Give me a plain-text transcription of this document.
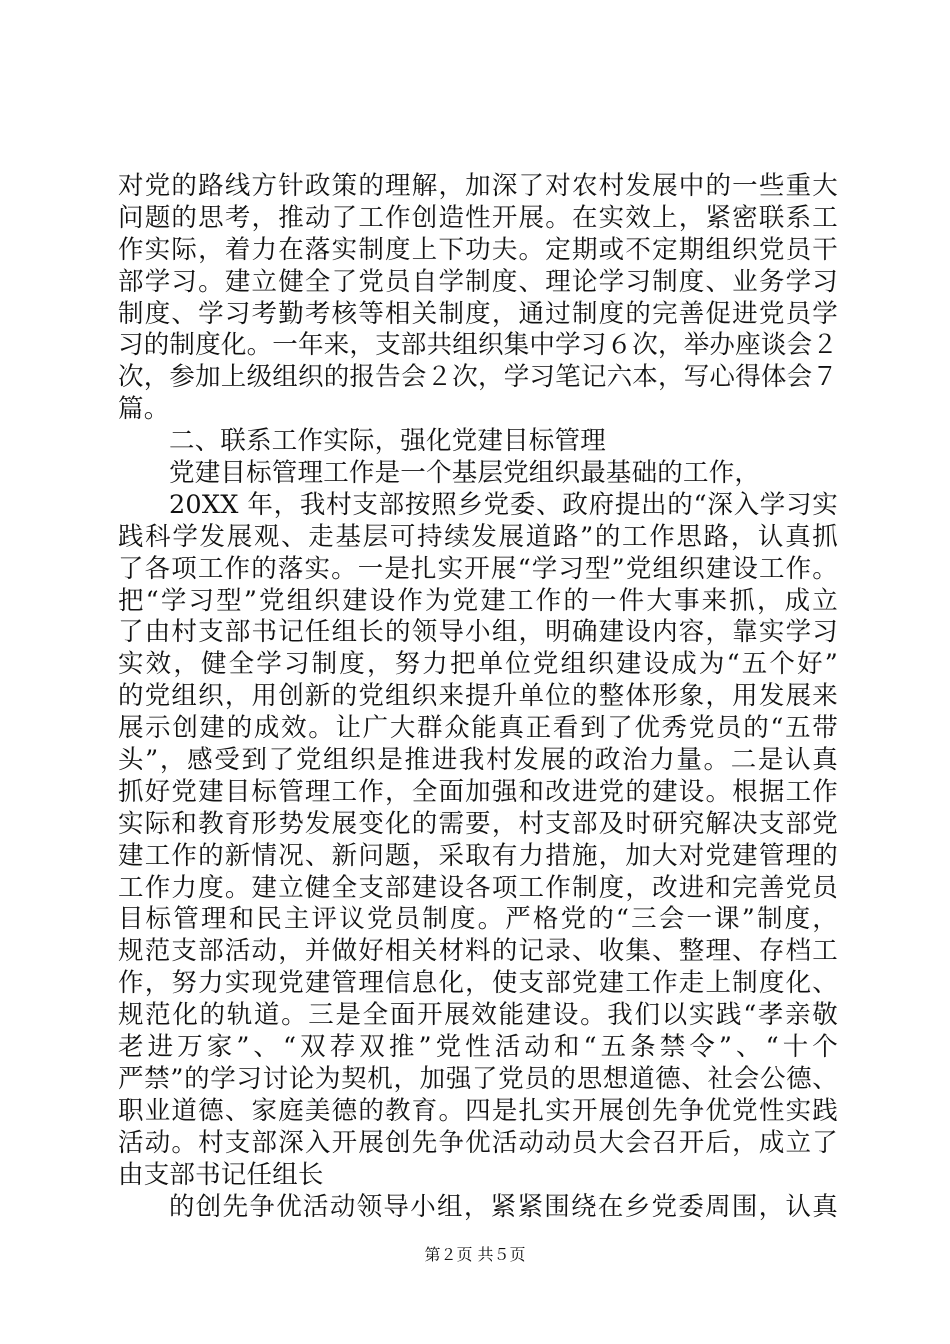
对党的路线方针政策的理解，加深了对农村发展中的一些重大
问题的思考，推动了工作创造性开展。在实效上，紧密联系工
作实际，着力在落实制度上下功夫。定期或不定期组织党员干
部学习。建立健全了党员自学制度、理论学习制度、业务学习
制度、学习考勤考核等相关制度，通过制度的完善促进党员学
习的制度化。一年来，支部共组织集中学习６次，举办座谈会２
次，参加上级组织的报告会２次，学习笔记六本，写心得体会７
篇。
二、联系工作实际，强化党建目标管理
党建目标管理工作是一个基层党组织最基础的工作，
20XX 年，我村支部按照乡党委、政府提出的“深入学习实
践科学发展观、走基层可持续发展道路”的工作思路，认真抓
了各项工作的落实。一是扎实开展“学习型”党组织建设工作。
把“学习型”党组织建设作为党建工作的一件大事来抓，成立
了由村支部书记任组长的领导小组，明确建设内容，靠实学习
实效，健全学习制度，努力把单位党组织建设成为“五个好”
的党组织，用创新的党组织来提升单位的整体形象，用发展来
展示创建的成效。让广大群众能真正看到了优秀党员的“五带
头”，感受到了党组织是推进我村发展的政治力量。二是认真
抓好党建目标管理工作，全面加强和改进党的建设。根据工作
实际和教育形势发展变化的需要，村支部及时研究解决支部党
建工作的新情况、新问题，采取有力措施，加大对党建管理的
工作力度。建立健全支部建设各项工作制度，改进和完善党员
目标管理和民主评议党员制度。严格党的“三会一课”制度，
规范支部活动，并做好相关材料的记录、收集、整理、存档工
作，努力实现党建管理信息化，使支部党建工作走上制度化、
规范化的轨道。三是全面开展效能建设。我们以实践“孝亲敬
老进万家”、“双荐双推”党性活动和“五条禁令”、“十个
严禁”的学习讨论为契机，加强了党员的思想道德、社会公德、
职业道德、家庭美德的教育。四是扎实开展创先争优党性实践
活动。村支部深入开展创先争优活动动员大会召开后，成立了
由支部书记任组长
的创先争优活动领导小组，紧紧围绕在乡党委周围，认真
第２页 共５页
